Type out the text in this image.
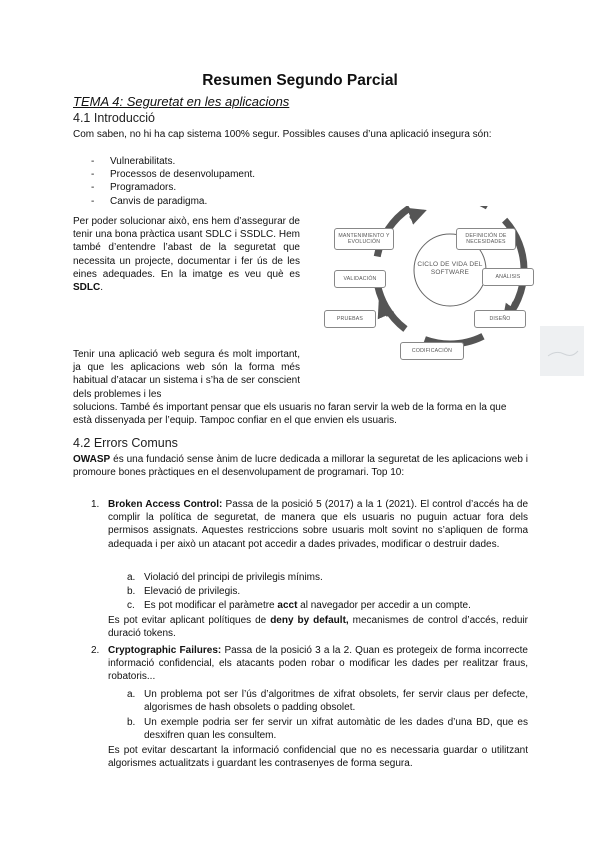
Resumen Segundo Parcial
TEMA 4: Seguretat en les aplicacions
4.1 Introducció
Com saben, no hi ha cap sistema 100% segur. Possibles causes d’una aplicació insegura són:
- Vulnerabilitats.
- Processos de desenvolupament.
- Programadors.
- Canvis de paradigma.
Per poder solucionar això, ens hem d’assegurar de tenir una bona pràctica usant SDLC i SSDLC. Hem també d’entendre l’abast de la seguretat que necessita un projecte, documentar i fer ús de les eines adequades. En la imatge es veu què es SDLC.
Tenir una aplicació web segura és molt important, ja que les aplicacions web són la forma més habitual d’atacar un sistema i s’ha de ser conscient dels problemes i les
solucions. També és important pensar que els usuaris no faran servir la web de la forma en la que està dissenyada per l’equip. Tampoc confiar en el que envien els usuaris.
CICLO DE VIDA DEL SOFTWARE
MANTENIMIENTO Y EVOLUCIÓN
DEFINICIÓN DE NECESIDADES
ANÁLISIS
DISEÑO
CODIFICACIÓN
PRUEBAS
VALIDACIÓN
4.2 Errors Comuns
OWASP és una fundació sense ànim de lucre dedicada a millorar la seguretat de les aplicacions web i promoure bones pràctiques en el desenvolupament de programari. Top 10:
1. Broken Access Control: Passa de la posició 5 (2017) a la 1 (2021). El control d’accés ha de complir la política de seguretat, de manera que els usuaris no puguin actuar fora dels permisos assignats. Aquestes restriccions sobre usuaris molt sovint no s’apliquen de forma adequada i per això un atacant pot accedir a dades privades, modificar o destruir dades.
a. Violació del principi de privilegis mínims.
b. Elevació de privilegis.
c. Es pot modificar el paràmetre acct al navegador per accedir a un compte.
Es pot evitar aplicant polítiques de deny by default, mecanismes de control d’accés, reduir duració tokens.
2. Cryptographic Failures: Passa de la posició 3 a la 2. Quan es protegeix de forma incorrecte informació confidencial, els atacants poden robar o modificar les dades per realitzar fraus, robatoris...
a. Un problema pot ser l’ús d’algoritmes de xifrat obsolets, fer servir claus per defecte, algorismes de hash obsolets o padding obsolet.
b. Un exemple podria ser fer servir un xifrat automàtic de les dades d’una BD, que es desxifren quan les consultem.
Es pot evitar descartant la informació confidencial que no es necessaria guardar o utilitzant algorismes actualitzats i guardant les contrasenyes de forma segura.
